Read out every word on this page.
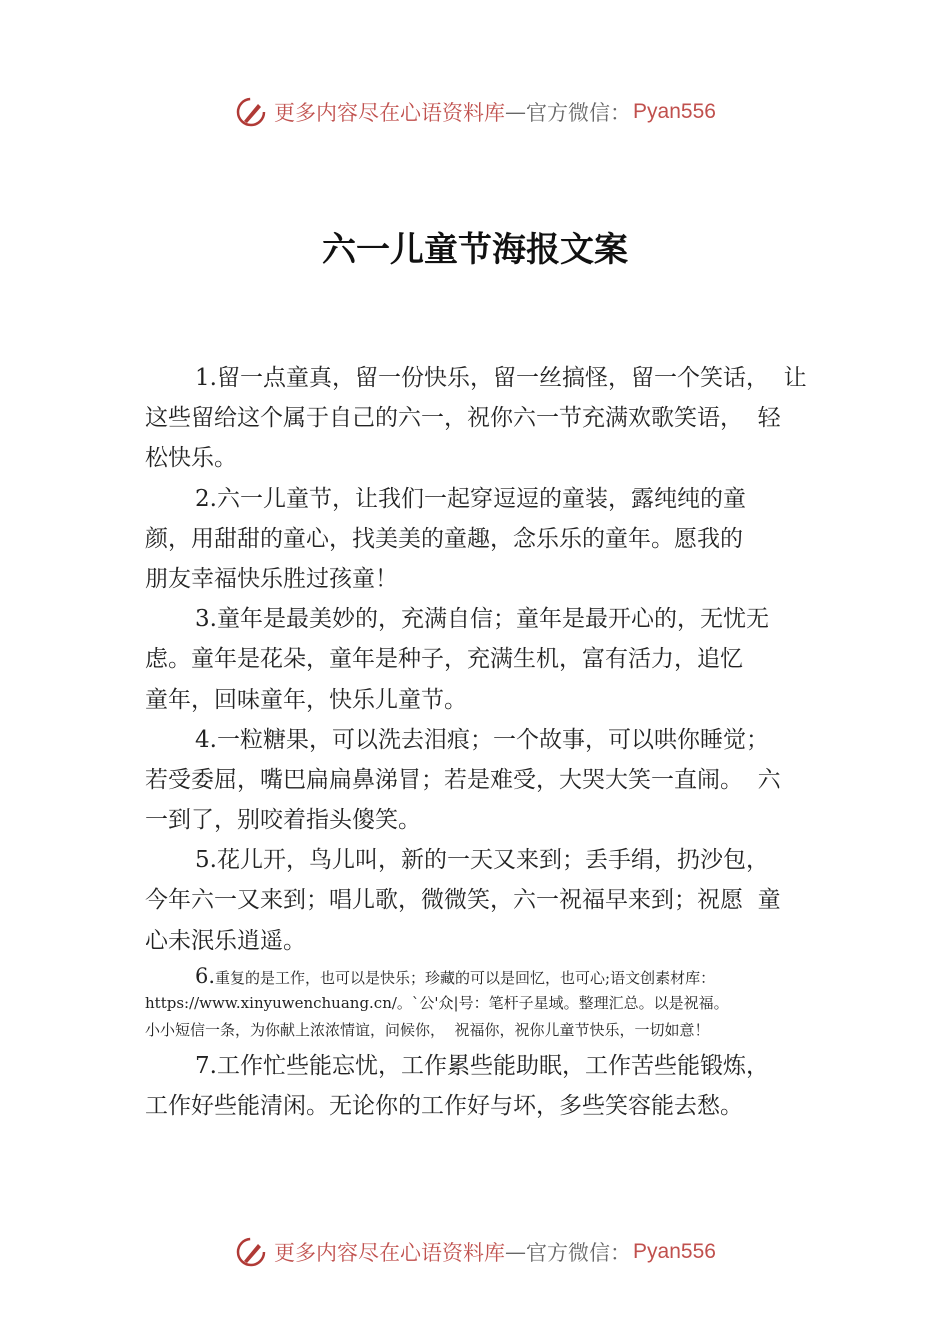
更多内容尽在心语资料库 — 官方微信： Pyan556
六一儿童节海报文案
1.留一点童真，留一份快乐，留一丝搞怪，留一个笑话，  让
这些留给这个属于自己的六一，祝你六一节充满欢歌笑语，  轻
松快乐。
2.六一儿童节，让我们一起穿逗逗的童装，露纯纯的童
颜，用甜甜的童心，找美美的童趣，念乐乐的童年。愿我的
朋友幸福快乐胜过孩童！
3.童年是最美妙的，充满自信；童年是最开心的，无忧无
虑。童年是花朵，童年是种子，充满生机，富有活力，追忆
童年，回味童年，快乐儿童节。
4.一粒糖果，可以洗去泪痕；一个故事，可以哄你睡觉；
若受委屈，嘴巴扁扁鼻涕冒；若是难受，大哭大笑一直闹。  六
一到了，别咬着指头傻笑。
5.花儿开，鸟儿叫，新的一天又来到；丢手绢，扔沙包，
今年六一又来到；唱儿歌，微微笑，六一祝福早来到；祝愿  童
心未泯乐逍遥。
6.重复的是工作，也可以是快乐；珍藏的可以是回忆，也可心;语文创素材库：
https://www.xinyuwenchuang.cn/。`公'众|号：笔杆子星域。整理汇总。以是祝福。
小小短信一条，为你献上浓浓情谊，问候你，  祝福你，祝你儿童节快乐，一切如意！
7.工作忙些能忘忧，工作累些能助眠，工作苦些能锻炼，
工作好些能清闲。无论你的工作好与坏，多些笑容能去愁。
更多内容尽在心语资料库 — 官方微信： Pyan556
